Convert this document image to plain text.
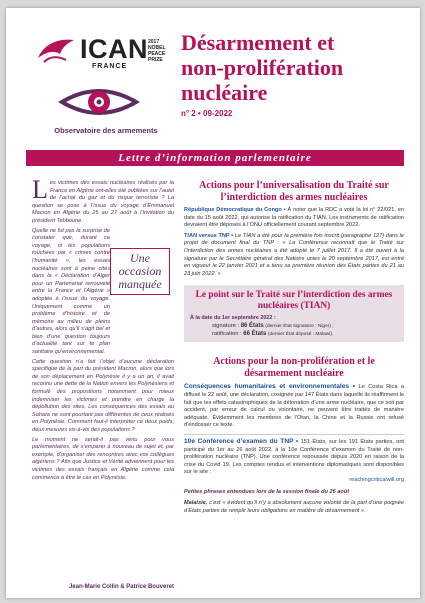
ICAN 2017
NOBEL
PEACE
PRIZE
FRANCE
Observatoire des armements
Désarmement et
non-prolifération
nucléaire
n° 2 • 09-2022
Lettre d’information parlementaire

Les victimes des essais nucléaires réalisés par la France en Algérie ont-elles été oubliées sur l’autel de l’achat du gaz et du risque terroriste ? La question se pose à l’issue du voyage d’Emmanuel Macron en Algérie du 25 au 27 août à l’invitation du président Tebboune.

Quelle ne fut pas la surprise de constater que, durant ce voyage, ni les populations touchées par « crimes contre l’humanité », les essais nucléaires sont à peine cités dans la « Déclaration d’Alger pour un Partenariat renouvelé entre la France et l’Algérie » adoptée à l’issue du voyage. Uniquement comme un problème d’histoire et de mémoire au milieu de pleins d’autres, alors qu’il s’agit bel et bien d’une question toujours d’actualité tant sur le plan sanitaire qu’environnemental.

Cette question n’a fait l’objet d’aucune déclaration spécifique de la part du président Macron, alors que lors de son déplacement en Polynésie il y a un an, il avait reconnu une dette de la Nation envers les Polynésiens et formulé des propositions notamment pour mieux indemniser les victimes et prendre en charge la dépollution des sites. Les conséquences des essais au Sahara ne sont pourtant pas différentes de ceux réalisés en Polynésie. Comment faut-il interpréter ce deux poids, deux mesures vis-à-vis des populations ?

Le moment ne serait-il pas venu pour vous parlementaires, de s’emparer à nouveau de sujet et, par exemple, d’organiser des rencontres avec vos collègues algériens ? Afin que Justice et Vérité adviennent pour les victimes des essais français en Algérie comme cela commence à être le cas en Polynésie.

Une
occasion
manquée
Jean-Marie Collin & Patrice Bouveret
Actions pour l’universalisation du Traité sur l’interdiction des armes nucléaires
République Démocratique du Congo • À noter que la RDC a voté la loi n° 22/021, en date du 15 août 2022, qui autorise la ratification du TIAN. Les instruments de ratification devraient être déposés à l’ONU officiellement courant septembre 2022.
TIAN versus TNP • Le TIAN a été pour la première fois inscrit (paragraphe 127) dans le projet de document final du TNP : « La Conférence reconnaît que le Traité sur l’interdiction des armes nucléaires a été adopté le 7 juillet 2017. Il a été ouvert à la signature par le Secrétaire général des Nations unies le 20 septembre 2017, est entré en vigueur le 22 janvier 2021 et a tenu sa première réunion des États parties du 21 au 23 juin 2022. »
Le point sur le Traité sur l’interdiction des armes nucléaires (TIAN)
À la date du 1er septembre 2022 :
signature : 86 États (dernier État signataire : Niger) ;
ratification : 66 États (dernier État déposé : Malawi).
Actions pour la non-prolifération et le désarmement nucléaire
Conséquences humanitaires et environnementales • Le Costa Rica a diffusé le 22 août, une déclaration, cosignée par 147 États dans laquelle ils réaffirment le fait que les effets catastrophiques de la détonation d’une arme nucléaire, que ce soit par accident, par erreur de calcul ou volontaire, ne peuvent être traités de manière adéquate. Évidemment les membres de l’Otan, la Chine et la Russie ont refusé d’endosser ce texte.
10e Conférence d’examen du TNP • 151 États, sur les 191 États parties, ont participé du 1er au 26 août 2022, à la 10e Conférence d’examen du Traité de non-prolifération nucléaire (TNP). Une conférence repoussée depuis 2020 en raison de la crise du Covid 19. Les comptes rendus et interventions diplomatiques sont disponibles sur le site :
reachingcriticalwill.org
Petites phrases entendues lors de la session finale du 26 août
Malaisie, c’est « évident qu’il n’y a absolument aucune volonté de la part d’une poignée d’États parties de remplir leurs obligations en matière de désarmement ».
